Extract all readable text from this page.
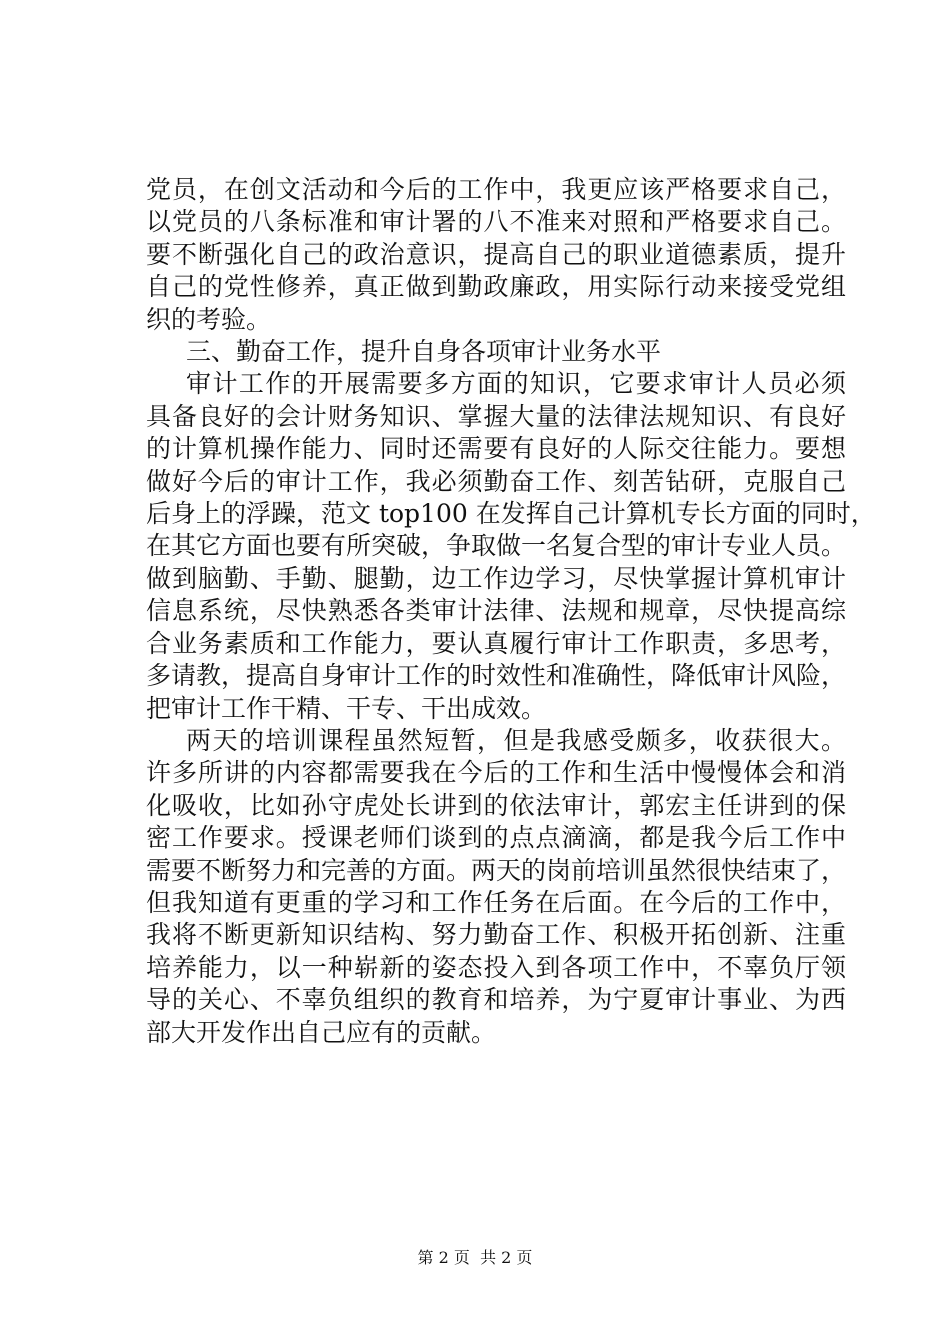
党员，在创文活动和今后的工作中，我更应该严格要求自己，
以党员的八条标准和审计署的八不准来对照和严格要求自己。
要不断强化自己的政治意识，提高自己的职业道德素质，提升
自己的党性修养，真正做到勤政廉政，用实际行动来接受党组
织的考验。
三、勤奋工作，提升自身各项审计业务水平
审计工作的开展需要多方面的知识，它要求审计人员必须
具备良好的会计财务知识、掌握大量的法律法规知识、有良好
的计算机操作能力、同时还需要有良好的人际交往能力。要想
做好今后的审计工作，我必须勤奋工作、刻苦钻研，克服自己
后身上的浮躁，范文 top100 在发挥自己计算机专长方面的同时，
在其它方面也要有所突破，争取做一名复合型的审计专业人员。
做到脑勤、手勤、腿勤，边工作边学习，尽快掌握计算机审计
信息系统，尽快熟悉各类审计法律、法规和规章，尽快提高综
合业务素质和工作能力，要认真履行审计工作职责，多思考，
多请教，提高自身审计工作的时效性和准确性，降低审计风险，
把审计工作干精、干专、干出成效。
两天的培训课程虽然短暂，但是我感受颇多，收获很大。
许多所讲的内容都需要我在今后的工作和生活中慢慢体会和消
化吸收，比如孙守虎处长讲到的依法审计，郭宏主任讲到的保
密工作要求。授课老师们谈到的点点滴滴，都是我今后工作中
需要不断努力和完善的方面。两天的岗前培训虽然很快结束了，
但我知道有更重的学习和工作任务在后面。在今后的工作中，
我将不断更新知识结构、努力勤奋工作、积极开拓创新、注重
培养能力，以一种崭新的姿态投入到各项工作中，不辜负厅领
导的关心、不辜负组织的教育和培养，为宁夏审计事业、为西
部大开发作出自己应有的贡献。
第 2 页  共 2 页
